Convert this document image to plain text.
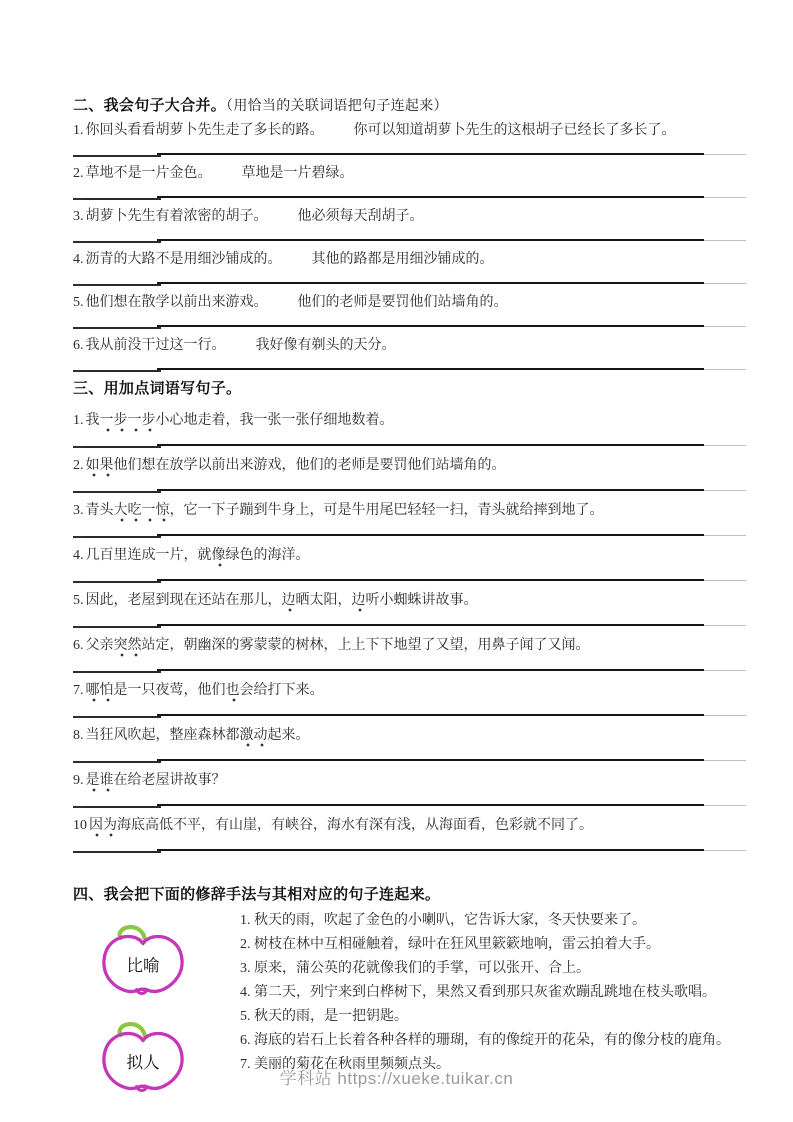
二、我会句子大合并。（用恰当的关联词语把句子连起来）
1. 你回头看看胡萝卜先生走了多长的路。 你可以知道胡萝卜先生的这根胡子已经长了多长了。
2. 草地不是一片金色。 草地是一片碧绿。
3. 胡萝卜先生有着浓密的胡子。 他必须每天刮胡子。
4. 沥青的大路不是用细沙铺成的。 其他的路都是用细沙铺成的。
5. 他们想在散学以前出来游戏。 他们的老师是要罚他们站墙角的。
6. 我从前没干过这一行。 我好像有剃头的天分。
三、用加点词语写句子。
1. 我一步一步小心地走着，我一张一张仔细地数着。
2. 如果他们想在放学以前出来游戏，他们的老师是要罚他们站墙角的。
3. 青头大吃一惊，它一下子蹦到牛身上，可是牛用尾巴轻轻一扫，青头就给摔到地了。
4. 几百里连成一片，就像绿色的海洋。
5. 因此，老屋到现在还站在那儿，边晒太阳，边听小蜘蛛讲故事。
6. 父亲突然站定，朝幽深的雾蒙蒙的树林，上上下下地望了又望，用鼻子闻了又闻。
7. 哪怕是一只夜莺，他们也会给打下来。
8. 当狂风吹起，整座森林都激动起来。
9. 是谁在给老屋讲故事？
10 因为海底高低不平，有山崖，有峡谷，海水有深有浅，从海面看，色彩就不同了。
四、我会把下面的修辞手法与其相对应的句子连起来。
比喻
拟人
1. 秋天的雨，吹起了金色的小喇叭，它告诉大家，冬天快要来了。
2. 树枝在林中互相碰触着，绿叶在狂风里簌簌地响，雷云拍着大手。
3. 原来，蒲公英的花就像我们的手掌，可以张开、合上。
4. 第二天，列宁来到白桦树下，果然又看到那只灰雀欢蹦乱跳地在枝头歌唱。
5. 秋天的雨，是一把钥匙。
6. 海底的岩石上长着各种各样的珊瑚，有的像绽开的花朵，有的像分枝的鹿角。
7. 美丽的菊花在秋雨里频频点头。
学科站 https://xueke.tuikar.cn
